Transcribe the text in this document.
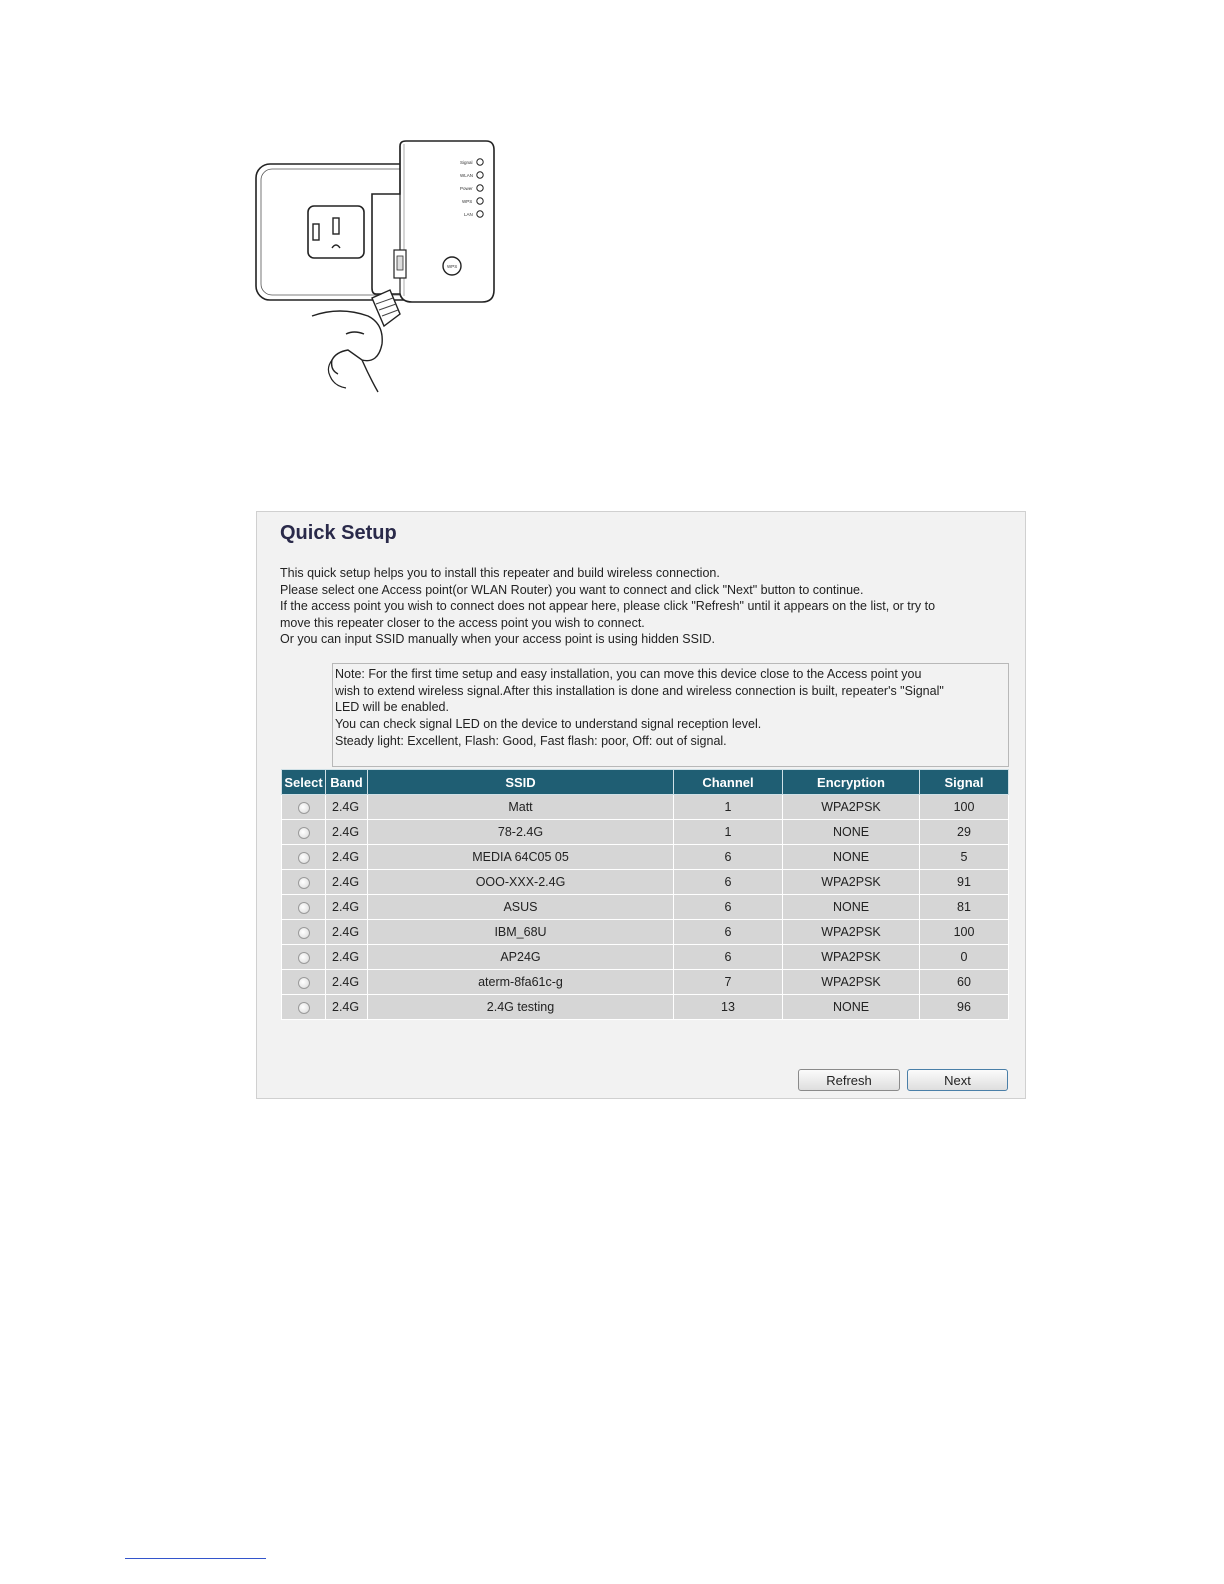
Signal
WLAN
Power
WPS
LAN
WPS
Quick Setup
This quick setup helps you to install this repeater and build wireless connection.
Please select one Access point(or WLAN Router) you want to connect and click "Next" button to continue.
If the access point you wish to connect does not appear here, please click "Refresh" until it appears on the list, or try to
move this repeater closer to the access point you wish to connect.
Or you can input SSID manually when your access point is using hidden SSID.
Note: For the first time setup and easy installation, you can move this device close to the Access point you
wish to extend wireless signal.After this installation is done and wireless connection is built, repeater's "Signal"
LED will be enabled.
You can check signal LED on the device to understand signal reception level.
Steady light: Excellent, Flash: Good, Fast flash: poor, Off: out of signal.
Select	Band	SSID	Channel	Encryption	Signal
	2.4G	Matt	1	WPA2PSK	100
	2.4G	78-2.4G	1	NONE	29
	2.4G	MEDIA 64C05 05	6	NONE	5
	2.4G	OOO-XXX-2.4G	6	WPA2PSK	91
	2.4G	ASUS	6	NONE	81
	2.4G	IBM_68U	6	WPA2PSK	100
	2.4G	AP24G	6	WPA2PSK	0
	2.4G	aterm-8fa61c-g	7	WPA2PSK	60
	2.4G	2.4G testing	13	NONE	96
Refresh	Next
